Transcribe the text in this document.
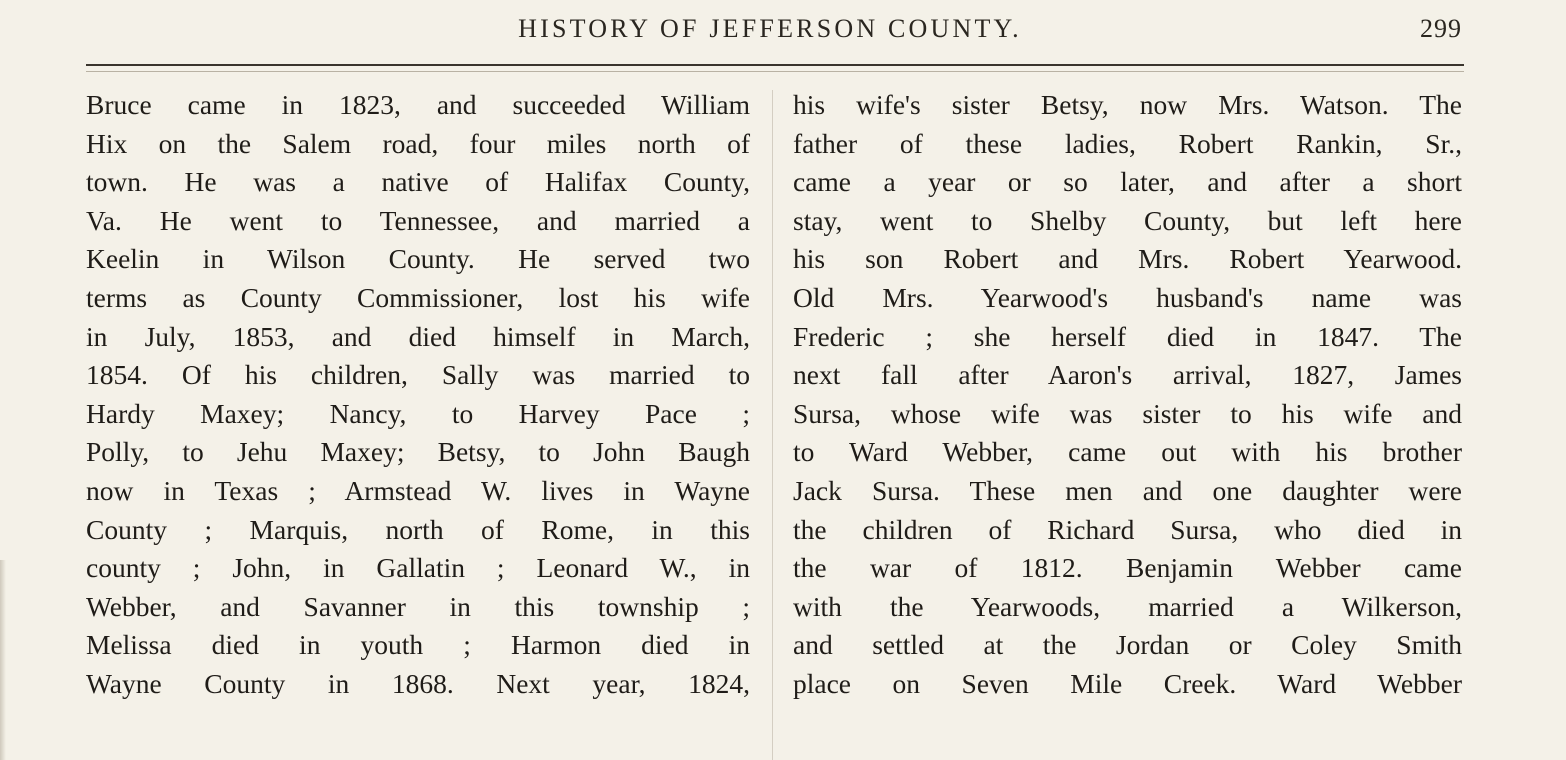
HISTORY OF JEFFERSON COUNTY.	299
Bruce came in 1823, and succeeded William
Hix on the Salem road, four miles north of
town. He was a native of Halifax County,
Va. He went to Tennessee, and married a
Keelin in Wilson County. He served two
terms as County Commissioner, lost his wife
in July, 1853, and died himself in March,
1854. Of his children, Sally was married to
Hardy Maxey; Nancy, to Harvey Pace ;
Polly, to Jehu Maxey; Betsy, to John Baugh
now in Texas ; Armstead W. lives in Wayne
County ; Marquis, north of Rome, in this
county ; John, in Gallatin ; Leonard W., in
Webber, and Savanner in this township ;
Melissa died in youth ; Harmon died in
Wayne County in 1868. Next year, 1824,
his wife's sister Betsy, now Mrs. Watson. The
father of these ladies, Robert Rankin, Sr.,
came a year or so later, and after a short
stay, went to Shelby County, but left here
his son Robert and Mrs. Robert Yearwood.
Old Mrs. Yearwood's husband's name was
Frederic ; she herself died in 1847. The
next fall after Aaron's arrival, 1827, James
Sursa, whose wife was sister to his wife and
to Ward Webber, came out with his brother
Jack Sursa. These men and one daughter were
the children of Richard Sursa, who died in
the war of 1812. Benjamin Webber came
with the Yearwoods, married a Wilkerson,
and settled at the Jordan or Coley Smith
place on Seven Mile Creek. Ward Webber
